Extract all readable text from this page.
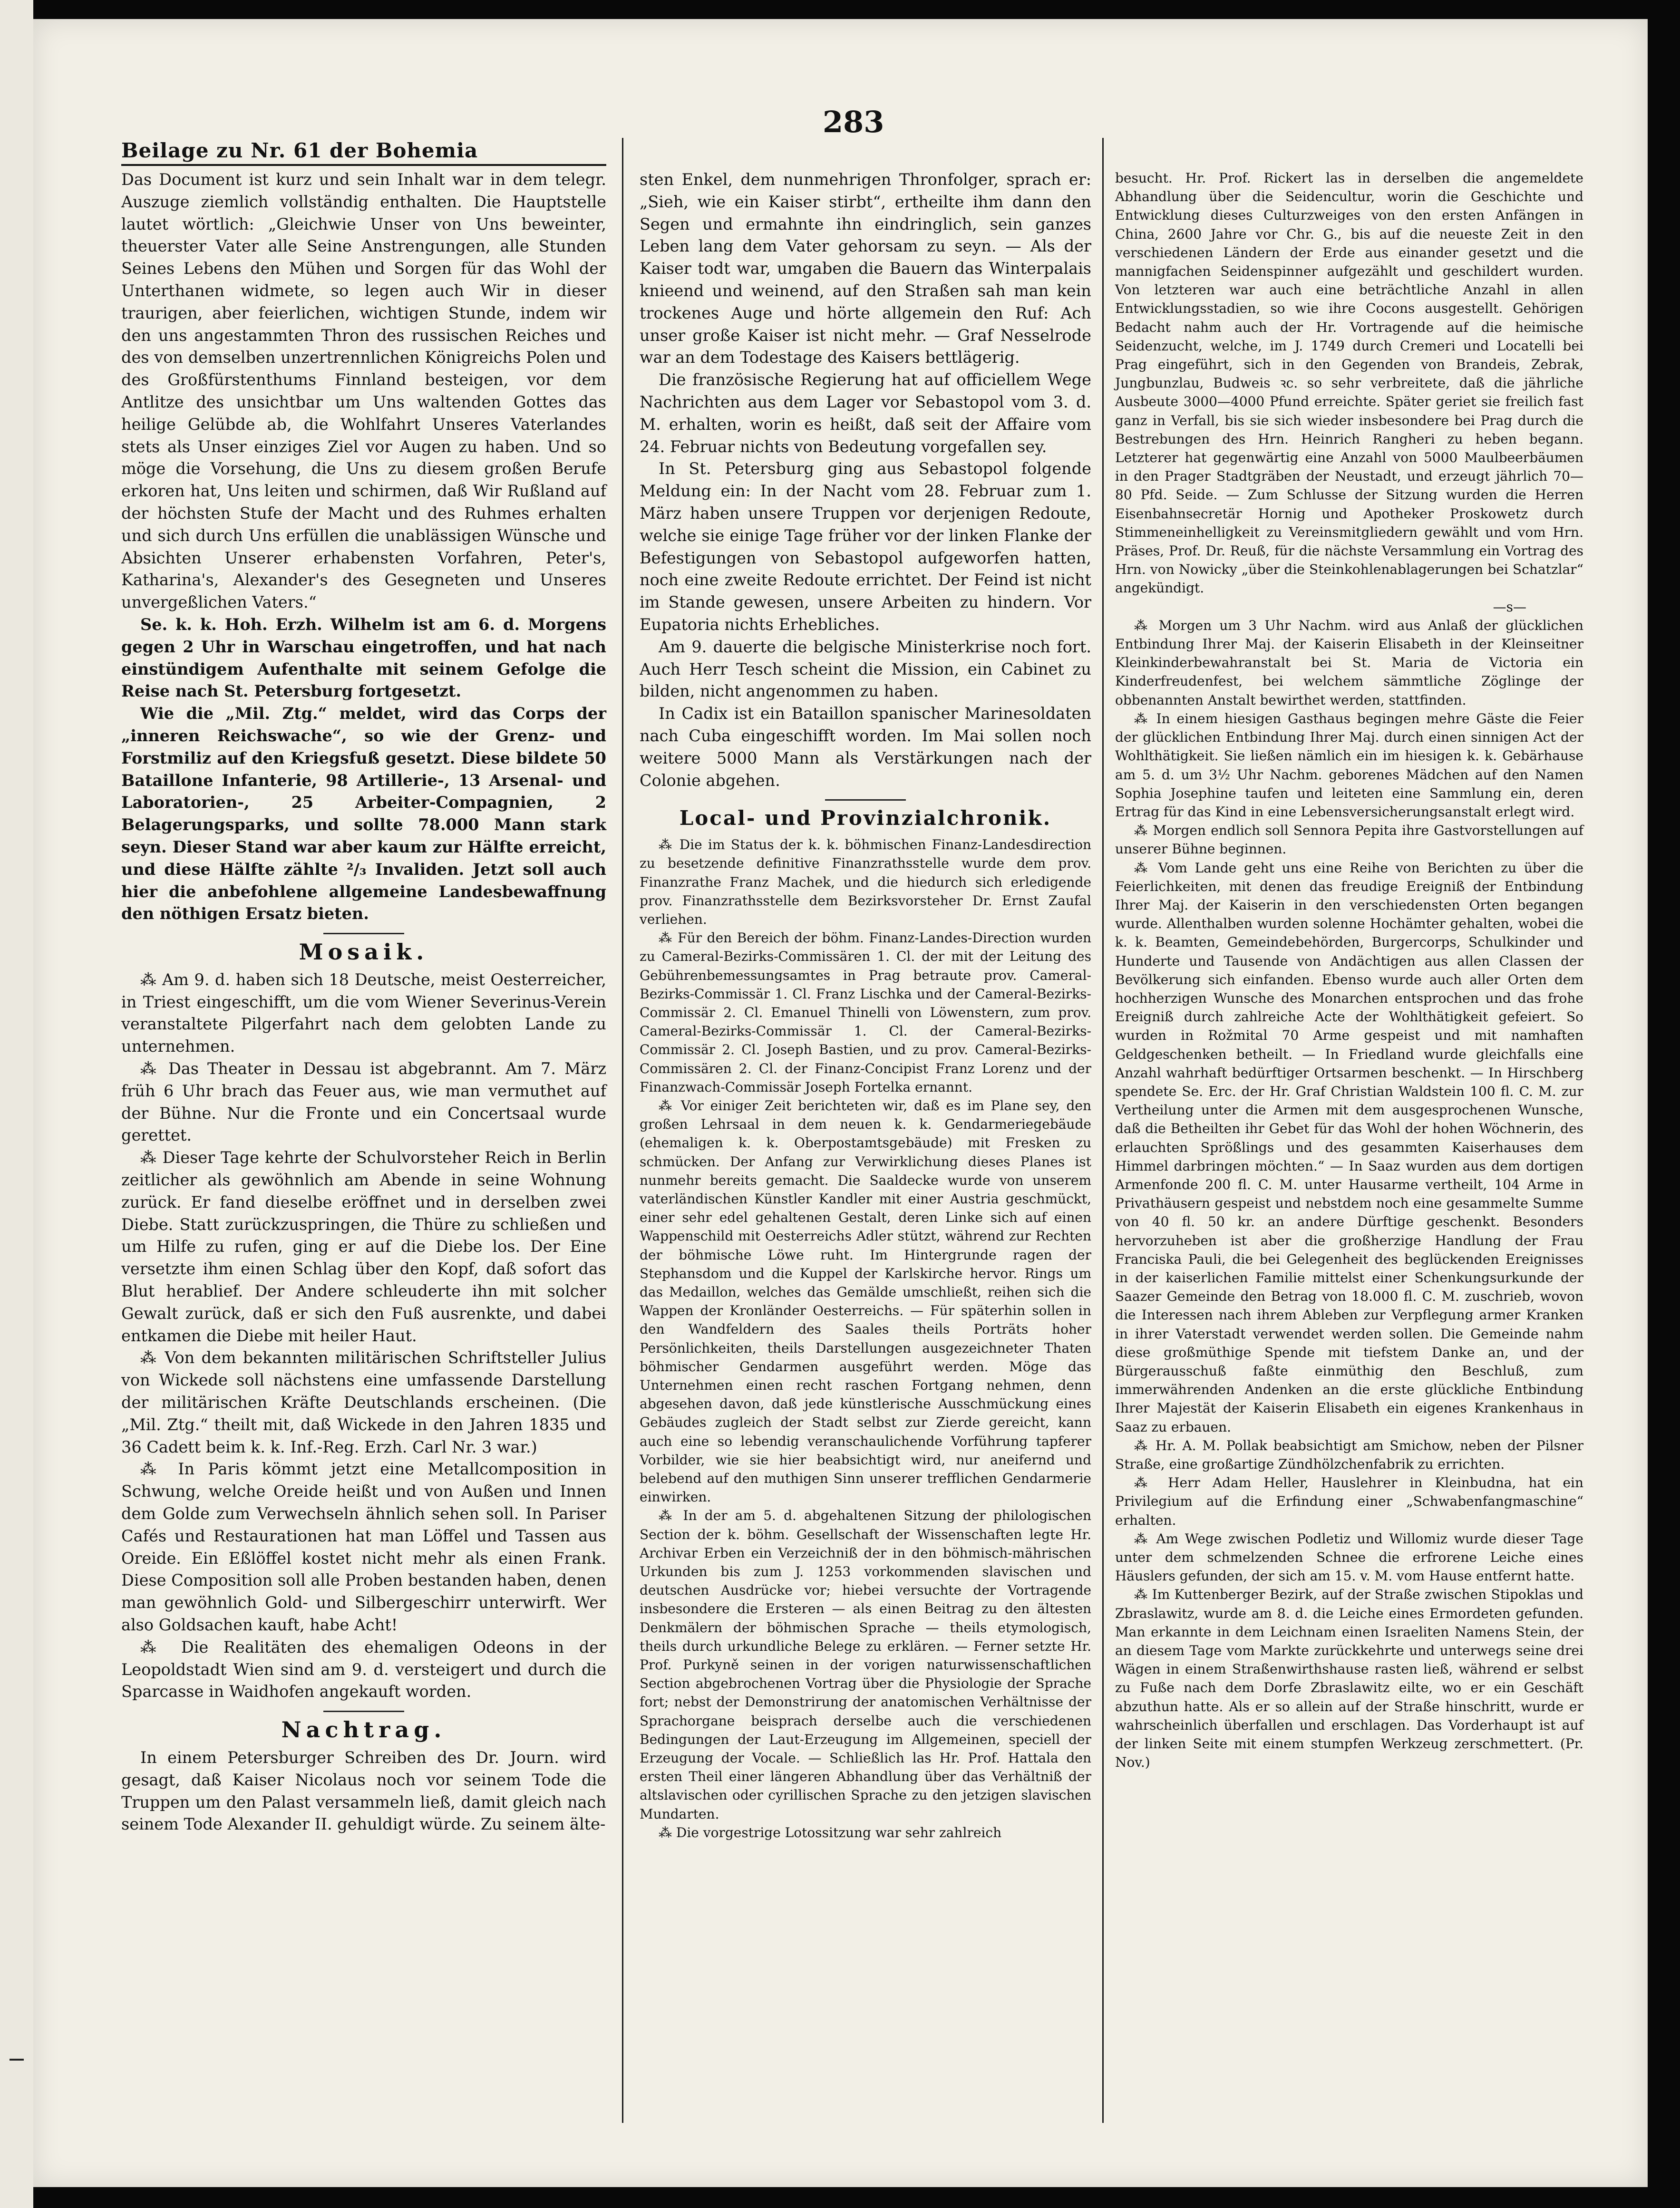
283
Beilage zu Nr. 61 der Bohemia

Das Document ist kurz und sein Inhalt war in dem telegr. Auszuge ziemlich vollständig enthalten. Die Hauptstelle lautet wörtlich: „Gleichwie Unser von Uns beweinter, theuerster Vater alle Seine Anstrengungen, alle Stunden Seines Lebens den Mühen und Sorgen für das Wohl der Unterthanen widmete, so legen auch Wir in dieser traurigen, aber feierlichen, wichtigen Stunde, indem wir den uns angestammten Thron des russischen Reiches und des von demselben unzertrennlichen Königreichs Polen und des Großfürstenthums Finnland besteigen, vor dem Antlitze des unsichtbar um Uns waltenden Gottes das heilige Gelübde ab, die Wohlfahrt Unseres Vaterlandes stets als Unser einziges Ziel vor Augen zu haben. Und so möge die Vorsehung, die Uns zu diesem großen Berufe erkoren hat, Uns leiten und schirmen, daß Wir Rußland auf der höchsten Stufe der Macht und des Ruhmes erhalten und sich durch Uns erfüllen die unablässigen Wünsche und Absichten Unserer erhabensten Vorfahren, Peter's, Katharina's, Alexander's des Gesegneten und Unseres unvergeßlichen Vaters.“

Se. k. k. Hoh. Erzh. Wilhelm ist am 6. d. Morgens gegen 2 Uhr in Warschau eingetroffen, und hat nach einstündigem Aufenthalte mit seinem Gefolge die Reise nach St. Petersburg fortgesetzt.

Wie die „Mil. Ztg.“ meldet, wird das Corps der „inneren Reichswache“, so wie der Grenz- und Forstmiliz auf den Kriegsfuß gesetzt. Diese bildete 50 Bataillone Infanterie, 98 Artillerie-, 13 Arsenal- und Laboratorien-, 25 Arbeiter-Compagnien, 2 Belagerungsparks, und sollte 78.000 Mann stark seyn. Dieser Stand war aber kaum zur Hälfte erreicht, und diese Hälfte zählte ²/₃ Invaliden. Jetzt soll auch hier die anbefohlene allgemeine Landesbewaffnung den nöthigen Ersatz bieten.

Mosaik.

⁂ Am 9. d. haben sich 18 Deutsche, meist Oesterreicher, in Triest eingeschifft, um die vom Wiener Severinus-Verein veranstaltete Pilgerfahrt nach dem gelobten Lande zu unternehmen.

⁂ Das Theater in Dessau ist abgebrannt. Am 7. März früh 6 Uhr brach das Feuer aus, wie man vermuthet auf der Bühne. Nur die Fronte und ein Concertsaal wurde gerettet.

⁂ Dieser Tage kehrte der Schulvorsteher Reich in Berlin zeitlicher als gewöhnlich am Abende in seine Wohnung zurück. Er fand dieselbe eröffnet und in derselben zwei Diebe. Statt zurückzuspringen, die Thüre zu schließen und um Hilfe zu rufen, ging er auf die Diebe los. Der Eine versetzte ihm einen Schlag über den Kopf, daß sofort das Blut herablief. Der Andere schleuderte ihn mit solcher Gewalt zurück, daß er sich den Fuß ausrenkte, und dabei entkamen die Diebe mit heiler Haut.

⁂ Von dem bekannten militärischen Schriftsteller Julius von Wickede soll nächstens eine umfassende Darstellung der militärischen Kräfte Deutschlands erscheinen. (Die „Mil. Ztg.“ theilt mit, daß Wickede in den Jahren 1835 und 36 Cadett beim k. k. Inf.-Reg. Erzh. Carl Nr. 3 war.)

⁂ In Paris kömmt jetzt eine Metallcomposition in Schwung, welche Oreide heißt und von Außen und Innen dem Golde zum Verwechseln ähnlich sehen soll. In Pariser Cafés und Restaurationen hat man Löffel und Tassen aus Oreide. Ein Eßlöffel kostet nicht mehr als einen Frank. Diese Composition soll alle Proben bestanden haben, denen man gewöhnlich Gold- und Silbergeschirr unterwirft. Wer also Goldsachen kauft, habe Acht!

⁂ Die Realitäten des ehemaligen Odeons in der Leopoldstadt Wien sind am 9. d. versteigert und durch die Sparcasse in Waidhofen angekauft worden.

Nachtrag.

In einem Petersburger Schreiben des Dr. Journ. wird gesagt, daß Kaiser Nicolaus noch vor seinem Tode die Truppen um den Palast versammeln ließ, damit gleich nach seinem Tode Alexander II. gehuldigt würde. Zu seinem älte-

sten Enkel, dem nunmehrigen Thronfolger, sprach er: „Sieh, wie ein Kaiser stirbt“, ertheilte ihm dann den Segen und ermahnte ihn eindringlich, sein ganzes Leben lang dem Vater gehorsam zu seyn. — Als der Kaiser todt war, umgaben die Bauern das Winterpalais knieend und weinend, auf den Straßen sah man kein trockenes Auge und hörte allgemein den Ruf: Ach unser große Kaiser ist nicht mehr. — Graf Nesselrode war an dem Todestage des Kaisers bettlägerig.

Die französische Regierung hat auf officiellem Wege Nachrichten aus dem Lager vor Sebastopol vom 3. d. M. erhalten, worin es heißt, daß seit der Affaire vom 24. Februar nichts von Bedeutung vorgefallen sey.

In St. Petersburg ging aus Sebastopol folgende Meldung ein: In der Nacht vom 28. Februar zum 1. März haben unsere Truppen vor derjenigen Redoute, welche sie einige Tage früher vor der linken Flanke der Befestigungen von Sebastopol aufgeworfen hatten, noch eine zweite Redoute errichtet. Der Feind ist nicht im Stande gewesen, unsere Arbeiten zu hindern. Vor Eupatoria nichts Erhebliches.

Am 9. dauerte die belgische Ministerkrise noch fort. Auch Herr Tesch scheint die Mission, ein Cabinet zu bilden, nicht angenommen zu haben.

In Cadix ist ein Bataillon spanischer Marinesoldaten nach Cuba eingeschifft worden. Im Mai sollen noch weitere 5000 Mann als Verstärkungen nach der Colonie abgehen.

Local- und Provinzialchronik.

⁂ Die im Status der k. k. böhmischen Finanz-Landesdirection zu besetzende definitive Finanzrathsstelle wurde dem prov. Finanzrathe Franz Machek, und die hiedurch sich erledigende prov. Finanzrathsstelle dem Bezirksvorsteher Dr. Ernst Zaufal verliehen.

⁂ Für den Bereich der böhm. Finanz-Landes-Direction wurden zu Cameral-Bezirks-Commissären 1. Cl. der mit der Leitung des Gebührenbemessungsamtes in Prag betraute prov. Cameral-Bezirks-Commissär 1. Cl. Franz Lischka und der Cameral-Bezirks-Commissär 2. Cl. Emanuel Thinelli von Löwenstern, zum prov. Cameral-Bezirks-Commissär 1. Cl. der Cameral-Bezirks-Commissär 2. Cl. Joseph Bastien, und zu prov. Cameral-Bezirks-Commissären 2. Cl. der Finanz-Concipist Franz Lorenz und der Finanzwach-Commissär Joseph Fortelka ernannt.

⁂ Vor einiger Zeit berichteten wir, daß es im Plane sey, den großen Lehrsaal in dem neuen k. k. Gendarmeriegebäude (ehemaligen k. k. Oberpostamtsgebäude) mit Fresken zu schmücken. Der Anfang zur Verwirklichung dieses Planes ist nunmehr bereits gemacht. Die Saaldecke wurde von unserem vaterländischen Künstler Kandler mit einer Austria geschmückt, einer sehr edel gehaltenen Gestalt, deren Linke sich auf einen Wappenschild mit Oesterreichs Adler stützt, während zur Rechten der böhmische Löwe ruht. Im Hintergrunde ragen der Stephansdom und die Kuppel der Karlskirche hervor. Rings um das Medaillon, welches das Gemälde umschließt, reihen sich die Wappen der Kronländer Oesterreichs. — Für späterhin sollen in den Wandfeldern des Saales theils Porträts hoher Persönlichkeiten, theils Darstellungen ausgezeichneter Thaten böhmischer Gendarmen ausgeführt werden. Möge das Unternehmen einen recht raschen Fortgang nehmen, denn abgesehen davon, daß jede künstlerische Ausschmückung eines Gebäudes zugleich der Stadt selbst zur Zierde gereicht, kann auch eine so lebendig veranschaulichende Vorführung tapferer Vorbilder, wie sie hier beabsichtigt wird, nur aneifernd und belebend auf den muthigen Sinn unserer trefflichen Gendarmerie einwirken.

⁂ In der am 5. d. abgehaltenen Sitzung der philologischen Section der k. böhm. Gesellschaft der Wissenschaften legte Hr. Archivar Erben ein Verzeichniß der in den böhmisch-mährischen Urkunden bis zum J. 1253 vorkommenden slavischen und deutschen Ausdrücke vor; hiebei versuchte der Vortragende insbesondere die Ersteren — als einen Beitrag zu den ältesten Denkmälern der böhmischen Sprache — theils etymologisch, theils durch urkundliche Belege zu erklären. — Ferner setzte Hr. Prof. Purkyně seinen in der vorigen naturwissenschaftlichen Section abgebrochenen Vortrag über die Physiologie der Sprache fort; nebst der Demonstrirung der anatomischen Verhältnisse der Sprachorgane beisprach derselbe auch die verschiedenen Bedingungen der Laut-Erzeugung im Allgemeinen, speciell der Erzeugung der Vocale. — Schließlich las Hr. Prof. Hattala den ersten Theil einer längeren Abhandlung über das Verhältniß der altslavischen oder cyrillischen Sprache zu den jetzigen slavischen Mundarten.

⁂ Die vorgestrige Lotossitzung war sehr zahlreich

besucht. Hr. Prof. Rickert las in derselben die angemeldete Abhandlung über die Seidencultur, worin die Geschichte und Entwicklung dieses Culturzweiges von den ersten Anfängen in China, 2600 Jahre vor Chr. G., bis auf die neueste Zeit in den verschiedenen Ländern der Erde aus einander gesetzt und die mannigfachen Seidenspinner aufgezählt und geschildert wurden. Von letzteren war auch eine beträchtliche Anzahl in allen Entwicklungsstadien, so wie ihre Cocons ausgestellt. Gehörigen Bedacht nahm auch der Hr. Vortragende auf die heimische Seidenzucht, welche, im J. 1749 durch Cremeri und Locatelli bei Prag eingeführt, sich in den Gegenden von Brandeis, Zebrak, Jungbunzlau, Budweis ꝛc. so sehr verbreitete, daß die jährliche Ausbeute 3000—4000 Pfund erreichte. Später geriet sie freilich fast ganz in Verfall, bis sie sich wieder insbesondere bei Prag durch die Bestrebungen des Hrn. Heinrich Rangheri zu heben begann. Letzterer hat gegenwärtig eine Anzahl von 5000 Maulbeerbäumen in den Prager Stadtgräben der Neustadt, und erzeugt jährlich 70—80 Pfd. Seide. — Zum Schlusse der Sitzung wurden die Herren Eisenbahnsecretär Hornig und Apotheker Proskowetz durch Stimmeneinhelligkeit zu Vereinsmitgliedern gewählt und vom Hrn. Präses, Prof. Dr. Reuß, für die nächste Versammlung ein Vortrag des Hrn. von Nowicky „über die Steinkohlenablagerungen bei Schatzlar“ angekündigt.

—s—

⁂ Morgen um 3 Uhr Nachm. wird aus Anlaß der glücklichen Entbindung Ihrer Maj. der Kaiserin Elisabeth in der Kleinseitner Kleinkinderbewahranstalt bei St. Maria de Victoria ein Kinderfreudenfest, bei welchem sämmtliche Zöglinge der obbenannten Anstalt bewirthet werden, stattfinden.

⁂ In einem hiesigen Gasthaus begingen mehre Gäste die Feier der glücklichen Entbindung Ihrer Maj. durch einen sinnigen Act der Wohlthätigkeit. Sie ließen nämlich ein im hiesigen k. k. Gebärhause am 5. d. um 3½ Uhr Nachm. geborenes Mädchen auf den Namen Sophia Josephine taufen und leiteten eine Sammlung ein, deren Ertrag für das Kind in eine Lebensversicherungsanstalt erlegt wird.

⁂ Morgen endlich soll Sennora Pepita ihre Gastvorstellungen auf unserer Bühne beginnen.

⁂ Vom Lande geht uns eine Reihe von Berichten zu über die Feierlichkeiten, mit denen das freudige Ereigniß der Entbindung Ihrer Maj. der Kaiserin in den verschiedensten Orten begangen wurde. Allenthalben wurden solenne Hochämter gehalten, wobei die k. k. Beamten, Gemeindebehörden, Burgercorps, Schulkinder und Hunderte und Tausende von Andächtigen aus allen Classen der Bevölkerung sich einfanden. Ebenso wurde auch aller Orten dem hochherzigen Wunsche des Monarchen entsprochen und das frohe Ereigniß durch zahlreiche Acte der Wohlthätigkeit gefeiert. So wurden in Rožmital 70 Arme gespeist und mit namhaften Geldgeschenken betheilt. — In Friedland wurde gleichfalls eine Anzahl wahrhaft bedürftiger Ortsarmen beschenkt. — In Hirschberg spendete Se. Erc. der Hr. Graf Christian Waldstein 100 fl. C. M. zur Vertheilung unter die Armen mit dem ausgesprochenen Wunsche, daß die Betheilten ihr Gebet für das Wohl der hohen Wöchnerin, des erlauchten Sprößlings und des gesammten Kaiserhauses dem Himmel darbringen möchten.“ — In Saaz wurden aus dem dortigen Armenfonde 200 fl. C. M. unter Hausarme vertheilt, 104 Arme in Privathäusern gespeist und nebstdem noch eine gesammelte Summe von 40 fl. 50 kr. an andere Dürftige geschenkt. Besonders hervorzuheben ist aber die großherzige Handlung der Frau Franciska Pauli, die bei Gelegenheit des beglückenden Ereignisses in der kaiserlichen Familie mittelst einer Schenkungsurkunde der Saazer Gemeinde den Betrag von 18.000 fl. C. M. zuschrieb, wovon die Interessen nach ihrem Ableben zur Verpflegung armer Kranken in ihrer Vaterstadt verwendet werden sollen. Die Gemeinde nahm diese großmüthige Spende mit tiefstem Danke an, und der Bürgerausschuß faßte einmüthig den Beschluß, zum immerwährenden Andenken an die erste glückliche Entbindung Ihrer Majestät der Kaiserin Elisabeth ein eigenes Krankenhaus in Saaz zu erbauen.

⁂ Hr. A. M. Pollak beabsichtigt am Smichow, neben der Pilsner Straße, eine großartige Zündhölzchenfabrik zu errichten.

⁂ Herr Adam Heller, Hauslehrer in Kleinbudna, hat ein Privilegium auf die Erfindung einer „Schwabenfangmaschine“ erhalten.

⁂ Am Wege zwischen Podletiz und Willomiz wurde dieser Tage unter dem schmelzenden Schnee die erfrorene Leiche eines Häuslers gefunden, der sich am 15. v. M. vom Hause entfernt hatte.

⁂ Im Kuttenberger Bezirk, auf der Straße zwischen Stipoklas und Zbraslawitz, wurde am 8. d. die Leiche eines Ermordeten gefunden. Man erkannte in dem Leichnam einen Israeliten Namens Stein, der an diesem Tage vom Markte zurückkehrte und unterwegs seine drei Wägen in einem Straßenwirthshause rasten ließ, während er selbst zu Fuße nach dem Dorfe Zbraslawitz eilte, wo er ein Geschäft abzuthun hatte. Als er so allein auf der Straße hinschritt, wurde er wahrscheinlich überfallen und erschlagen. Das Vorderhaupt ist auf der linken Seite mit einem stumpfen Werkzeug zerschmettert. (Pr. Nov.)
